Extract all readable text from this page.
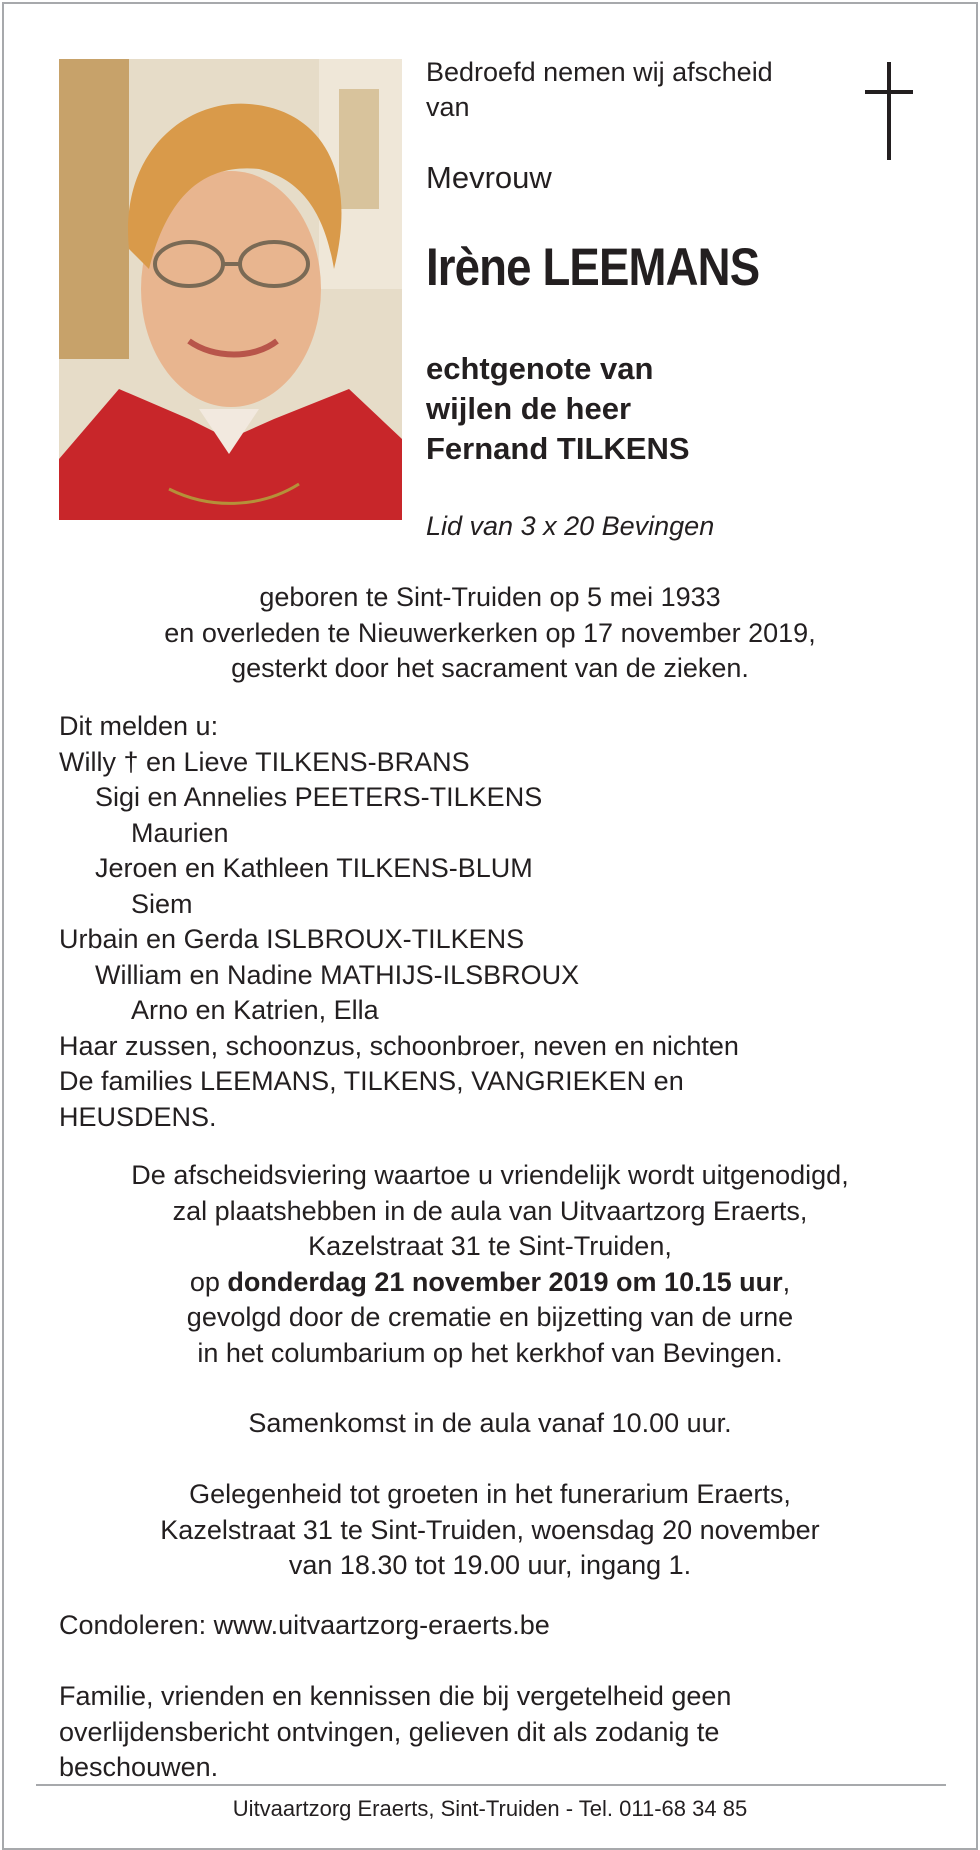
Bedroefd nemen wij afscheid
van
Mevrouw
Irène LEEMANS
echtgenote van
wijlen de heer
Fernand TILKENS
Lid van 3 x 20 Bevingen
geboren te Sint-Truiden op 5 mei 1933
en overleden te Nieuwerkerken op 17 november 2019,
gesterkt door het sacrament van de zieken.
Dit melden u:
Willy † en Lieve TILKENS-BRANS
Sigi en Annelies PEETERS-TILKENS
Maurien
Jeroen en Kathleen TILKENS-BLUM
Siem
Urbain en Gerda ISLBROUX-TILKENS
William en Nadine MATHIJS-ILSBROUX
Arno en Katrien, Ella
Haar zussen, schoonzus, schoonbroer, neven en nichten
De families LEEMANS, TILKENS, VANGRIEKEN en
HEUSDENS.
De afscheidsviering waartoe u vriendelijk wordt uitgenodigd,
zal plaatshebben in de aula van Uitvaartzorg Eraerts,
Kazelstraat 31 te Sint-Truiden,
op donderdag 21 november 2019 om 10.15 uur,
gevolgd door de crematie en bijzetting van de urne
in het columbarium op het kerkhof van Bevingen.
Samenkomst in de aula vanaf 10.00 uur.
Gelegenheid tot groeten in het funerarium Eraerts,
Kazelstraat 31 te Sint-Truiden, woensdag 20 november
van 18.30 tot 19.00 uur, ingang 1.
Condoleren: www.uitvaartzorg-eraerts.be
Familie, vrienden en kennissen die bij vergetelheid geen
overlijdensbericht ontvingen, gelieven dit als zodanig te
beschouwen.
Uitvaartzorg Eraerts, Sint-Truiden - Tel. 011-68 34 85
